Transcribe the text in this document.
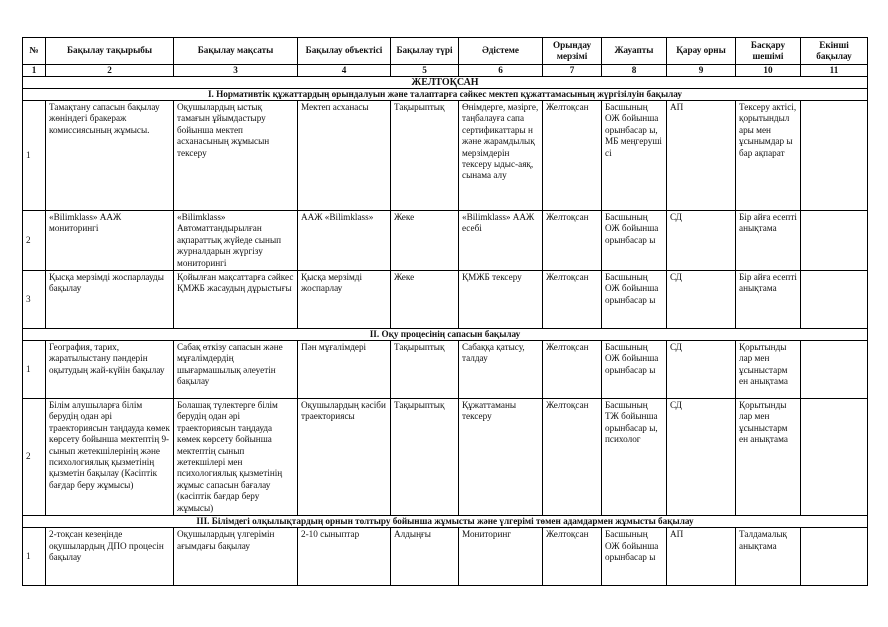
№	Бақылау тақырыбы	Бақылау мақсаты	Бақылау объектісі	Бақылау түрі	Әдістеме	Орындау мерзімі	Жауапты	Қарау орны	Басқару шешімі	Екінші бақылау
1	2	3	4	5	6	7	8	9	10	11
ЖЕЛТОҚСАН										
І. Нормативтік құжаттардың орындалуын және талаптарға сәйкес мектеп құжаттамасының жүргізілуін бақылау										
1	Тамақтану сапасын бақылау жөніндегі бракераж комиссиясының жұмысы.	Оқушылардың ыстық тамағын ұйымдастыру бойынша мектеп асханасының жұмысын тексеру	Мектеп асханасы	Тақырыптық	Өнімдерге, мәзірге, таңбалауға сапа сертификаттары н және жарамдылық мерзімдерін тексеру ыдыс-аяқ, сынама алу	Желтоқсан	Басшының ОЖ бойынша орынбасар ы, МБ меңгеруші сі	АП	Тексеру актісі, қорытындыл ары мен ұсынымдар ы бар ақпарат	
2	«Bilimklass» ААЖ мониторингі	«Bilimklass» Автоматтандырылған ақпараттық жүйеде сынып журналдарын жүргізу мониторингі	ААЖ «Bilimklass»	Жеке	«Bilimklass» ААЖ есебі	Желтоқсан	Басшының ОЖ бойынша орынбасар ы	СД	Бір айға есепті анықтама	
3	Қысқа мерзімді жоспарлауды бақылау	Қойылған мақсаттарға сәйкес ҚМЖБ жасаудың дұрыстығы	Қысқа мерзімді жоспарлау	Жеке	ҚМЖБ тексеру	Желтоқсан	Басшының ОЖ бойынша орынбасар ы	СД	Бір айға есепті анықтама	
ІІ. Оқу процесінің сапасын бақылау										
1	География, тарих, жаратылыстану пәндерін оқытудың жай-күйін бақылау	Сабақ өткізу сапасын және мұғалімдердің шығармашылық әлеуетін бақылау	Пән мұғалімдері	Тақырыптық	Сабаққа қатысу, талдау	Желтоқсан	Басшының ОЖ бойынша орынбасар ы	СД	Қорытынды лар мен ұсыныстарм ен анықтама	
2	Білім алушыларға білім берудің одан әрі траекториясын таңдауда көмек көрсету бойынша мектептің 9-сынып жетекшілерінің және психологиялық қызметінің қызметін бақылау (Кәсіптік бағдар беру жұмысы)	Болашақ түлектерге білім берудің одан әрі траекториясын таңдауда көмек көрсету бойынша мектептің сынып жетекшілері мен психологиялық қызметінің жұмыс сапасын бағалау (кәсіптік бағдар беру жұмысы)	Оқушылардың кәсіби траекториясы	Тақырыптық	Құжаттаманы тексеру	Желтоқсан	Басшының ТЖ бойынша орынбасар ы, психолог	СД	Қорытынды лар мен ұсыныстарм ен анықтама	
ІІІ. Білімдегі олқылықтардың орнын толтыру бойынша жұмысты және үлгерімі төмен адамдармен жұмысты бақылау										
1	2-тоқсан кезеңінде оқушылардың ДПО процесін бақылау	Оқушылардың үлгерімін ағымдағы бақылау	2-10 сыныптар	Алдыңғы	Мониторинг	Желтоқсан	Басшының ОЖ бойынша орынбасар ы	АП	Талдамалық анықтама	
